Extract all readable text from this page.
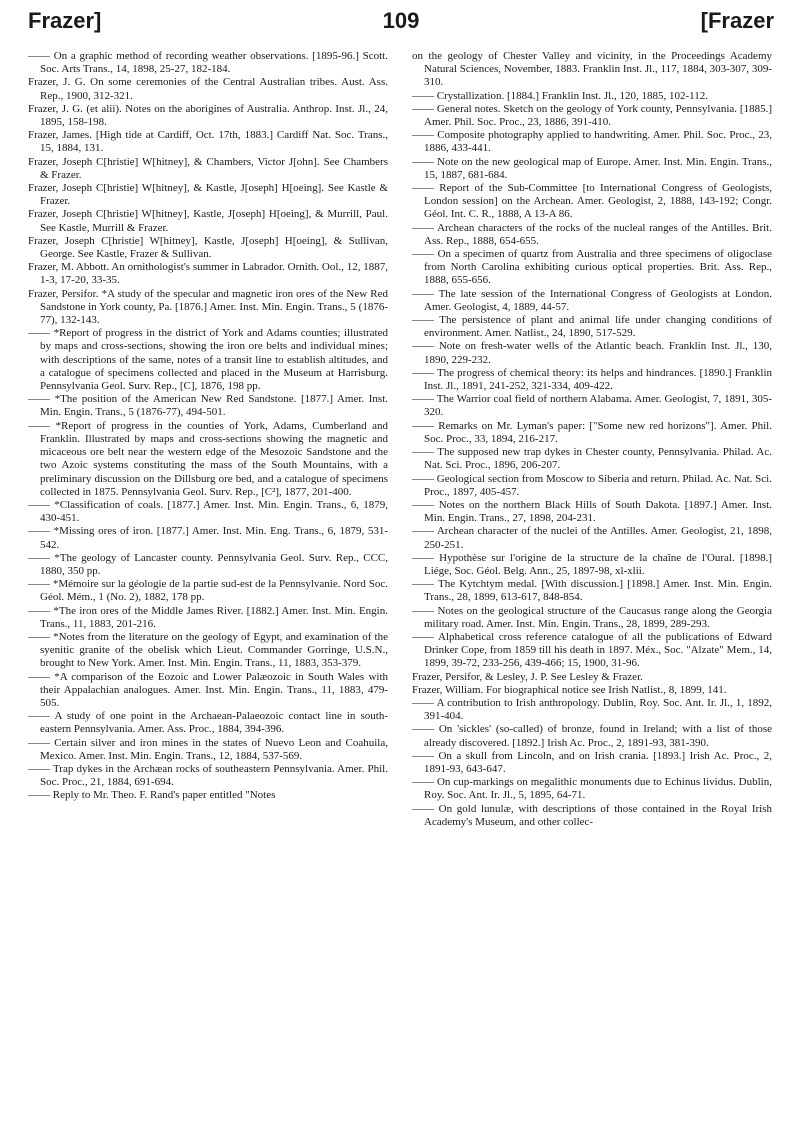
Frazer]	109	[Frazer

—— On a graphic method of recording weather observations. [1895-96.] Scott. Soc. Arts Trans., 14, 1898, 25-27, 182-184.

Frazer, J. G. On some ceremonies of the Central Australian tribes. Aust. Ass. Rep., 1900, 312-321.

Frazer, J. G. (et alii). Notes on the aborigines of Australia. Anthrop. Inst. Jl., 24, 1895, 158-198.

Frazer, James. [High tide at Cardiff, Oct. 17th, 1883.] Cardiff Nat. Soc. Trans., 15, 1884, 131.

Frazer, Joseph C[hristie] W[hitney], & Chambers, Victor J[ohn]. See Chambers & Frazer.

Frazer, Joseph C[hristie] W[hitney], & Kastle, J[oseph] H[oeing]. See Kastle & Frazer.

Frazer, Joseph C[hristie] W[hitney], Kastle, J[oseph] H[oeing], & Murrill, Paul. See Kastle, Murrill & Frazer.

Frazer, Joseph C[hristie] W[hitney], Kastle, J[oseph] H[oeing], & Sullivan, George. See Kastle, Frazer & Sullivan.

Frazer, M. Abbott. An ornithologist's summer in Labrador. Ornith. Ool., 12, 1887, 1-3, 17-20, 33-35.

Frazer, Persifor. *A study of the specular and magnetic iron ores of the New Red Sandstone in York county, Pa. [1876.] Amer. Inst. Min. Engin. Trans., 5 (1876-77), 132-143.

—— *Report of progress in the district of York and Adams counties; illustrated by maps and cross-sections, showing the iron ore belts and individual mines; with descriptions of the same, notes of a transit line to establish altitudes, and a catalogue of specimens collected and placed in the Museum at Harrisburg. Pennsylvania Geol. Surv. Rep., [C], 1876, 198 pp.

—— *The position of the American New Red Sandstone. [1877.] Amer. Inst. Min. Engin. Trans., 5 (1876-77), 494-501.

—— *Report of progress in the counties of York, Adams, Cumberland and Franklin. Illustrated by maps and cross-sections showing the magnetic and micaceous ore belt near the western edge of the Mesozoic Sandstone and the two Azoic systems constituting the mass of the South Mountains, with a preliminary discussion on the Dillsburg ore bed, and a catalogue of specimens collected in 1875. Pennsylvania Geol. Surv. Rep., [C²], 1877, 201-400.

—— *Classification of coals. [1877.] Amer. Inst. Min. Engin. Trans., 6, 1879, 430-451.

—— *Missing ores of iron. [1877.] Amer. Inst. Min. Eng. Trans., 6, 1879, 531-542.

—— *The geology of Lancaster county. Pennsylvania Geol. Surv. Rep., CCC, 1880, 350 pp.

—— *Mémoire sur la géologie de la partie sud-est de la Pennsylvanie. Nord Soc. Géol. Mém., 1 (No. 2), 1882, 178 pp.

—— *The iron ores of the Middle James River. [1882.] Amer. Inst. Min. Engin. Trans., 11, 1883, 201-216.

—— *Notes from the literature on the geology of Egypt, and examination of the syenitic granite of the obelisk which Lieut. Commander Gorringe, U.S.N., brought to New York. Amer. Inst. Min. Engin. Trans., 11, 1883, 353-379.

—— *A comparison of the Eozoic and Lower Palæozoic in South Wales with their Appalachian analogues. Amer. Inst. Min. Engin. Trans., 11, 1883, 479-505.

—— A study of one point in the Archaean-Palaeozoic contact line in south-eastern Pennsylvania. Amer. Ass. Proc., 1884, 394-396.

—— Certain silver and iron mines in the states of Nuevo Leon and Coahuila, Mexico. Amer. Inst. Min. Engin. Trans., 12, 1884, 537-569.

—— Trap dykes in the Archæan rocks of southeastern Pennsylvania. Amer. Phil. Soc. Proc., 21, 1884, 691-694.

—— Reply to Mr. Theo. F. Rand's paper entitled "Notes

on the geology of Chester Valley and vicinity, in the Proceedings Academy Natural Sciences, November, 1883. Franklin Inst. Jl., 117, 1884, 303-307, 309-310.

—— Crystallization. [1884.] Franklin Inst. Jl., 120, 1885, 102-112.

—— General notes. Sketch on the geology of York county, Pennsylvania. [1885.] Amer. Phil. Soc. Proc., 23, 1886, 391-410.

—— Composite photography applied to handwriting. Amer. Phil. Soc. Proc., 23, 1886, 433-441.

—— Note on the new geological map of Europe. Amer. Inst. Min. Engin. Trans., 15, 1887, 681-684.

—— Report of the Sub-Committee [to International Congress of Geologists, London session] on the Archean. Amer. Geologist, 2, 1888, 143-192; Congr. Géol. Int. C. R., 1888, A 13-A 86.

—— Archean characters of the rocks of the nucleal ranges of the Antilles. Brit. Ass. Rep., 1888, 654-655.

—— On a specimen of quartz from Australia and three specimens of oligoclase from North Carolina exhibiting curious optical properties. Brit. Ass. Rep., 1888, 655-656.

—— The late session of the International Congress of Geologists at London. Amer. Geologist, 4, 1889, 44-57.

—— The persistence of plant and animal life under changing conditions of environment. Amer. Natlist., 24, 1890, 517-529.

—— Note on fresh-water wells of the Atlantic beach. Franklin Inst. Jl., 130, 1890, 229-232.

—— The progress of chemical theory: its helps and hindrances. [1890.] Franklin Inst. Jl., 1891, 241-252, 321-334, 409-422.

—— The Warrior coal field of northern Alabama. Amer. Geologist, 7, 1891, 305-320.

—— Remarks on Mr. Lyman's paper: ["Some new red horizons"]. Amer. Phil. Soc. Proc., 33, 1894, 216-217.

—— The supposed new trap dykes in Chester county, Pennsylvania. Philad. Ac. Nat. Sci. Proc., 1896, 206-207.

—— Geological section from Moscow to Siberia and return. Philad. Ac. Nat. Sci. Proc., 1897, 405-457.

—— Notes on the northern Black Hills of South Dakota. [1897.] Amer. Inst. Min. Engin. Trans., 27, 1898, 204-231.

—— Archean character of the nuclei of the Antilles. Amer. Geologist, 21, 1898, 250-251.

—— Hypothèse sur l'origine de la structure de la chaîne de l'Oural. [1898.] Liége, Soc. Géol. Belg. Ann., 25, 1897-98, xl-xlii.

—— The Kytchtym medal. [With discussion.] [1898.] Amer. Inst. Min. Engin. Trans., 28, 1899, 613-617, 848-854.

—— Notes on the geological structure of the Caucasus range along the Georgia military road. Amer. Inst. Min. Engin. Trans., 28, 1899, 289-293.

—— Alphabetical cross reference catalogue of all the publications of Edward Drinker Cope, from 1859 till his death in 1897. Méx., Soc. "Alzate" Mem., 14, 1899, 39-72, 233-256, 439-466; 15, 1900, 31-96.

Frazer, Persifor, & Lesley, J. P. See Lesley & Frazer.

Frazer, William. For biographical notice see Irish Natlist., 8, 1899, 141.

—— A contribution to Irish anthropology. Dublin, Roy. Soc. Ant. Ir. Jl., 1, 1892, 391-404.

—— On 'sickles' (so-called) of bronze, found in Ireland; with a list of those already discovered. [1892.] Irish Ac. Proc., 2, 1891-93, 381-390.

—— On a skull from Lincoln, and on Irish crania. [1893.] Irish Ac. Proc., 2, 1891-93, 643-647.

—— On cup-markings on megalithic monuments due to Echinus lividus. Dublin, Roy. Soc. Ant. Ir. Jl., 5, 1895, 64-71.

—— On gold lunulæ, with descriptions of those contained in the Royal Irish Academy's Museum, and other collec-
